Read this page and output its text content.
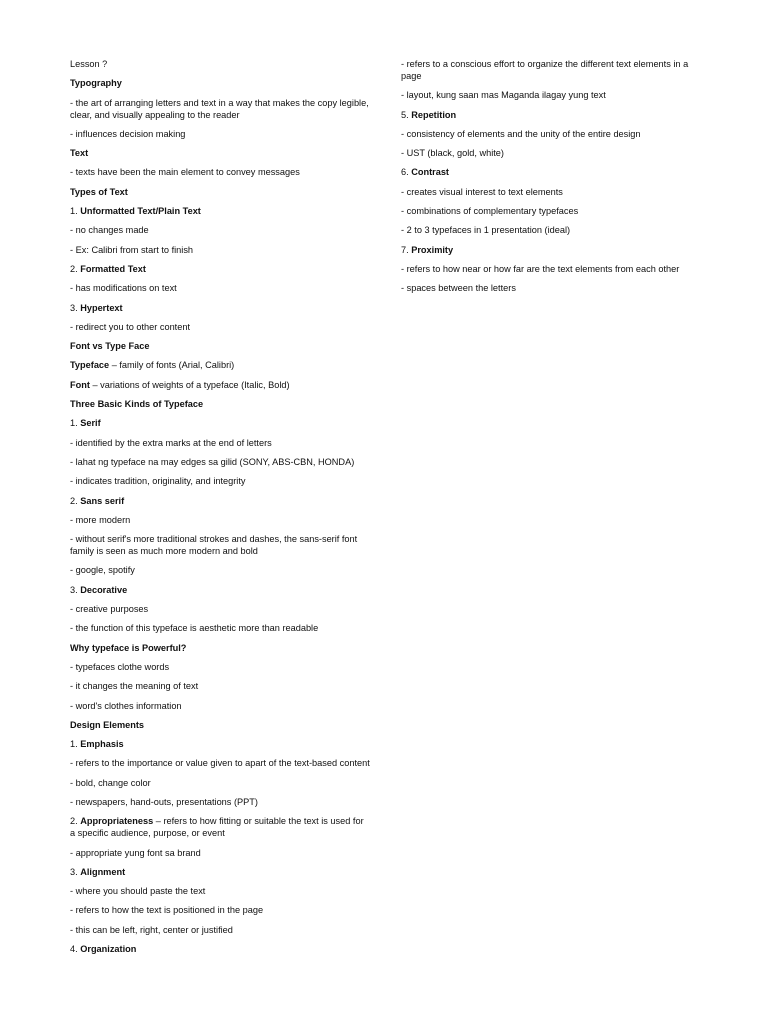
Lesson ?
Typography
- the art of arranging letters and text in a way that makes the copy legible, clear, and visually appealing to the reader
- influences decision making
Text
- texts have been the main element to convey messages
Types of Text
1. Unformatted Text/Plain Text
- no changes made
- Ex: Calibri from start to finish
2. Formatted Text
- has modifications on text
3. Hypertext
- redirect you to other content
Font vs Type Face
Typeface – family of fonts (Arial, Calibri)
Font – variations of weights of a typeface (Italic, Bold)
Three Basic Kinds of Typeface
1. Serif
- identified by the extra marks at the end of letters
- lahat ng typeface na may edges sa gilid (SONY, ABS-CBN, HONDA)
- indicates tradition, originality, and integrity
2. Sans serif
- more modern
- without serif's more traditional strokes and dashes, the sans-serif font family is seen as much more modern and bold
- google, spotify
3. Decorative
- creative purposes
- the function of this typeface is aesthetic more than readable
Why typeface is Powerful?
- typefaces clothe words
- it changes the meaning of text
- word's clothes information
Design Elements
1. Emphasis
- refers to the importance or value given to apart of the text-based content
- bold, change color
- newspapers, hand-outs, presentations (PPT)
2. Appropriateness – refers to how fitting or suitable the text is used for a specific audience, purpose, or event
- appropriate yung font sa brand
3. Alignment
- where you should paste the text
- refers to how the text is positioned in the page
- this can be left, right, center or justified
4. Organization
- refers to a conscious effort to organize the different text elements in a page
- layout, kung saan mas Maganda ilagay yung text
5. Repetition
- consistency of elements and the unity of the entire design
- UST (black, gold, white)
6. Contrast
- creates visual interest to text elements
- combinations of complementary typefaces
- 2 to 3 typefaces in 1 presentation (ideal)
7. Proximity
- refers to how near or how far are the text elements from each other
- spaces between the letters
